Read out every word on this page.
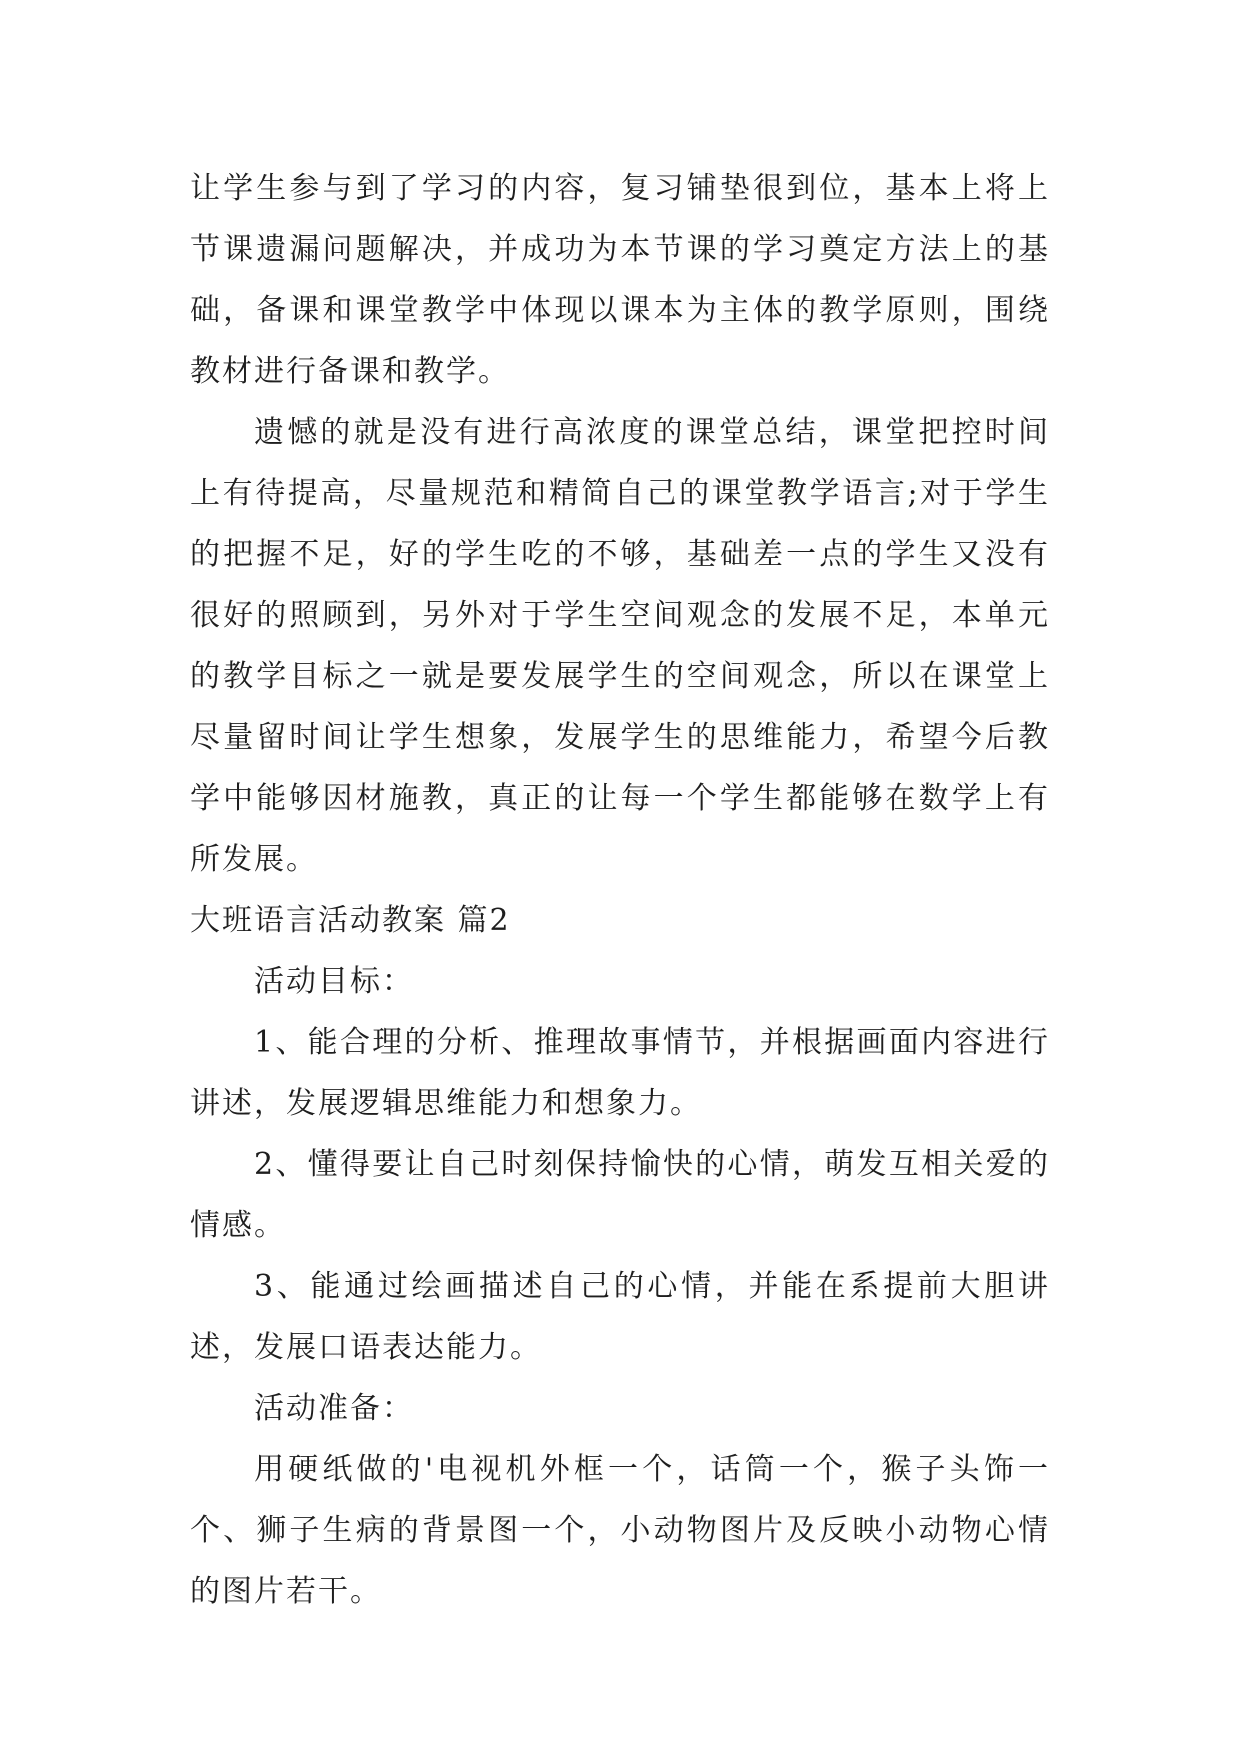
让学生参与到了学习的内容，复习铺垫很到位，基本上将上节课遗漏问题解决，并成功为本节课的学习奠定方法上的基础，备课和课堂教学中体现以课本为主体的教学原则，围绕教材进行备课和教学。

遗憾的就是没有进行高浓度的课堂总结，课堂把控时间上有待提高，尽量规范和精简自己的课堂教学语言;对于学生的把握不足，好的学生吃的不够，基础差一点的学生又没有很好的照顾到，另外对于学生空间观念的发展不足，本单元的教学目标之一就是要发展学生的空间观念，所以在课堂上尽量留时间让学生想象，发展学生的思维能力，希望今后教学中能够因材施教，真正的让每一个学生都能够在数学上有所发展。

大班语言活动教案 篇2

活动目标：

1、能合理的分析、推理故事情节，并根据画面内容进行讲述，发展逻辑思维能力和想象力。

2、懂得要让自己时刻保持愉快的心情，萌发互相关爱的情感。

3、能通过绘画描述自己的心情，并能在系提前大胆讲述，发展口语表达能力。

活动准备：

用硬纸做的'电视机外框一个，话筒一个，猴子头饰一个、狮子生病的背景图一个，小动物图片及反映小动物心情的图片若干。
